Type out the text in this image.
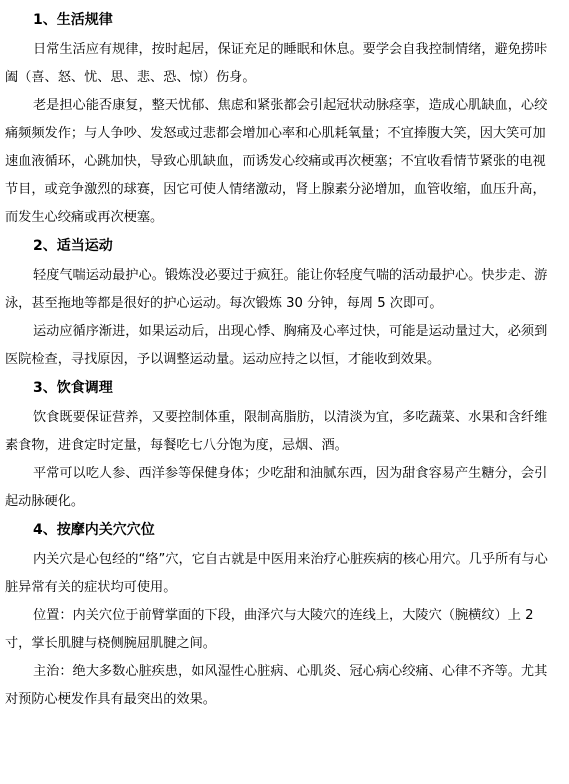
1、生活规律

日常生活应有规律，按时起居，保证充足的睡眠和休息。要学会自我控制情绪，避免捞咔阖（喜、怒、忧、思、悲、恐、惊）伤身。

老是担心能否康复，整天忧郁、焦虑和紧张都会引起冠状动脉痉挛，造成心肌缺血，心绞痛频频发作；与人争吵、发怒或过悲都会增加心率和心肌耗氧量；不宜捧腹大笑，因大笑可加速血液循环，心跳加快，导致心肌缺血，而诱发心绞痛或再次梗塞；不宜收看情节紧张的电视节目，或竞争激烈的球赛，因它可使人情绪激动，肾上腺素分泌增加，血管收缩，血压升高，而发生心绞痛或再次梗塞。

2、适当运动

轻度气喘运动最护心。锻炼没必要过于疯狂。能让你轻度气喘的活动最护心。快步走、游泳，甚至拖地等都是很好的护心运动。每次锻炼 30 分钟，每周 5 次即可。

运动应循序渐进，如果运动后，出现心悸、胸痛及心率过快，可能是运动量过大，必须到医院检查，寻找原因，予以调整运动量。运动应持之以恒，才能收到效果。

3、饮食调理

饮食既要保证营养，又要控制体重，限制高脂肪，以清淡为宜，多吃蔬菜、水果和含纤维素食物，进食定时定量，每餐吃七八分饱为度，忌烟、酒。

平常可以吃人参、西洋参等保健身体；少吃甜和油腻东西，因为甜食容易产生糖分，会引起动脉硬化。

4、按摩内关穴穴位

内关穴是心包经的“络”穴，它自古就是中医用来治疗心脏疾病的核心用穴。几乎所有与心脏异常有关的症状均可使用。

位置：内关穴位于前臂掌面的下段，曲泽穴与大陵穴的连线上，大陵穴（腕横纹）上 2 寸，掌长肌腱与桡侧腕屈肌腱之间。

主治：绝大多数心脏疾患，如风湿性心脏病、心肌炎、冠心病心绞痛、心律不齐等。尤其对预防心梗发作具有最突出的效果。
